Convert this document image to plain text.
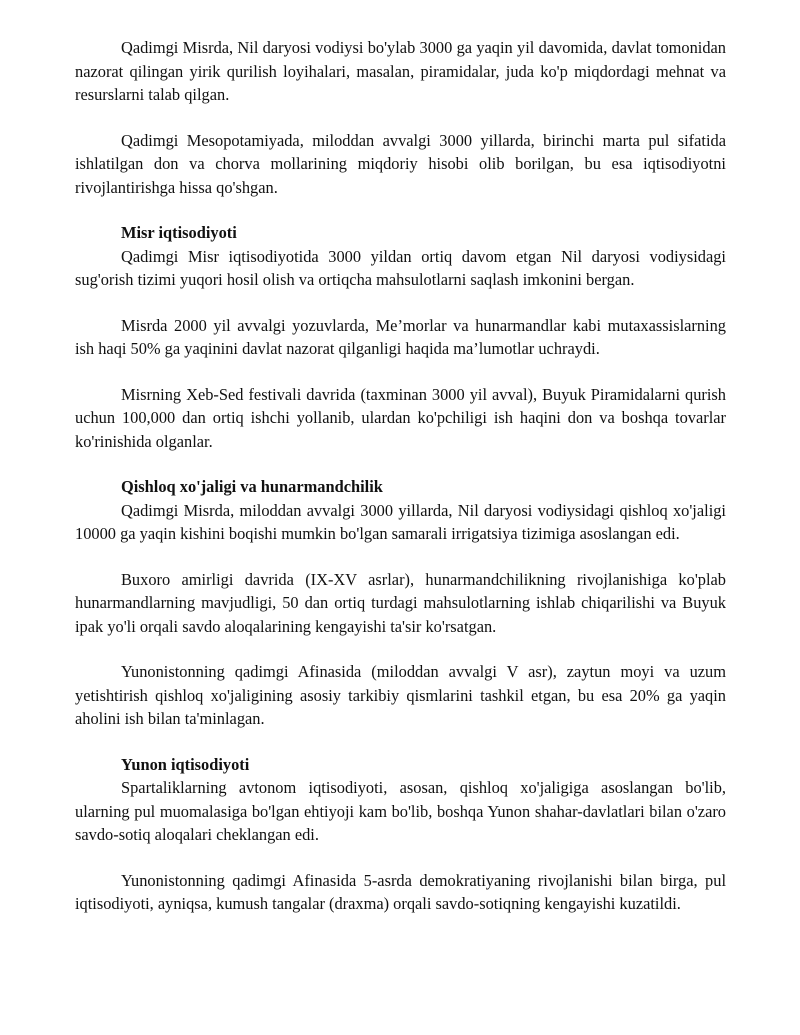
Qadimgi Misrda, Nil daryosi vodiysi bo'ylab 3000 ga yaqin yil davomida, davlat tomonidan nazorat qilingan yirik qurilish loyihalari, masalan, piramidalar, juda ko'p miqdordagi mehnat va resurslarni talab qilgan.

Qadimgi Mesopotamiyada, miloddan avvalgi 3000 yillarda, birinchi marta pul sifatida ishlatilgan don va chorva mollarining miqdoriy hisobi olib borilgan, bu esa iqtisodiyotni rivojlantirishga hissa qo'shgan.

Misr iqtisodiyoti

Qadimgi Misr iqtisodiyotida 3000 yildan ortiq davom etgan Nil daryosi vodiysidagi sug'orish tizimi yuqori hosil olish va ortiqcha mahsulotlarni saqlash imkonini bergan.

Misrda 2000 yil avvalgi yozuvlarda, Me’morlar va hunarmandlar kabi mutaxassislarning ish haqi 50% ga yaqinini davlat nazorat qilganligi haqida ma’lumotlar uchraydi.

Misrning Xeb-Sed festivali davrida (taxminan 3000 yil avval), Buyuk Piramidalarni qurish uchun 100,000 dan ortiq ishchi yollanib, ulardan ko'pchiligi ish haqini don va boshqa tovarlar ko'rinishida olganlar.

Qishloq xo'jaligi va hunarmandchilik

Qadimgi Misrda, miloddan avvalgi 3000 yillarda, Nil daryosi vodiysidagi qishloq xo'jaligi 10000 ga yaqin kishini boqishi mumkin bo'lgan samarali irrigatsiya tizimiga asoslangan edi.

Buxoro amirligi davrida (IX-XV asrlar), hunarmandchilikning rivojlanishiga ko'plab hunarmandlarning mavjudligi, 50 dan ortiq turdagi mahsulotlarning ishlab chiqarilishi va Buyuk ipak yo'li orqali savdo aloqalarining kengayishi ta'sir ko'rsatgan.

Yunonistonning qadimgi Afinasida (miloddan avvalgi V asr), zaytun moyi va uzum yetishtirish qishloq xo'jaligining asosiy tarkibiy qismlarini tashkil etgan, bu esa 20% ga yaqin aholini ish bilan ta'minlagan.

Yunon iqtisodiyoti

Spartaliklarning avtonom iqtisodiyoti, asosan, qishloq xo'jaligiga asoslangan bo'lib, ularning pul muomalasiga bo'lgan ehtiyoji kam bo'lib, boshqa Yunon shahar-davlatlari bilan o'zaro savdo-sotiq aloqalari cheklangan edi.

Yunonistonning qadimgi Afinasida 5-asrda demokratiyaning rivojlanishi bilan birga, pul iqtisodiyoti, ayniqsa, kumush tangalar (draxma) orqali savdo-sotiqning kengayishi kuzatildi.
